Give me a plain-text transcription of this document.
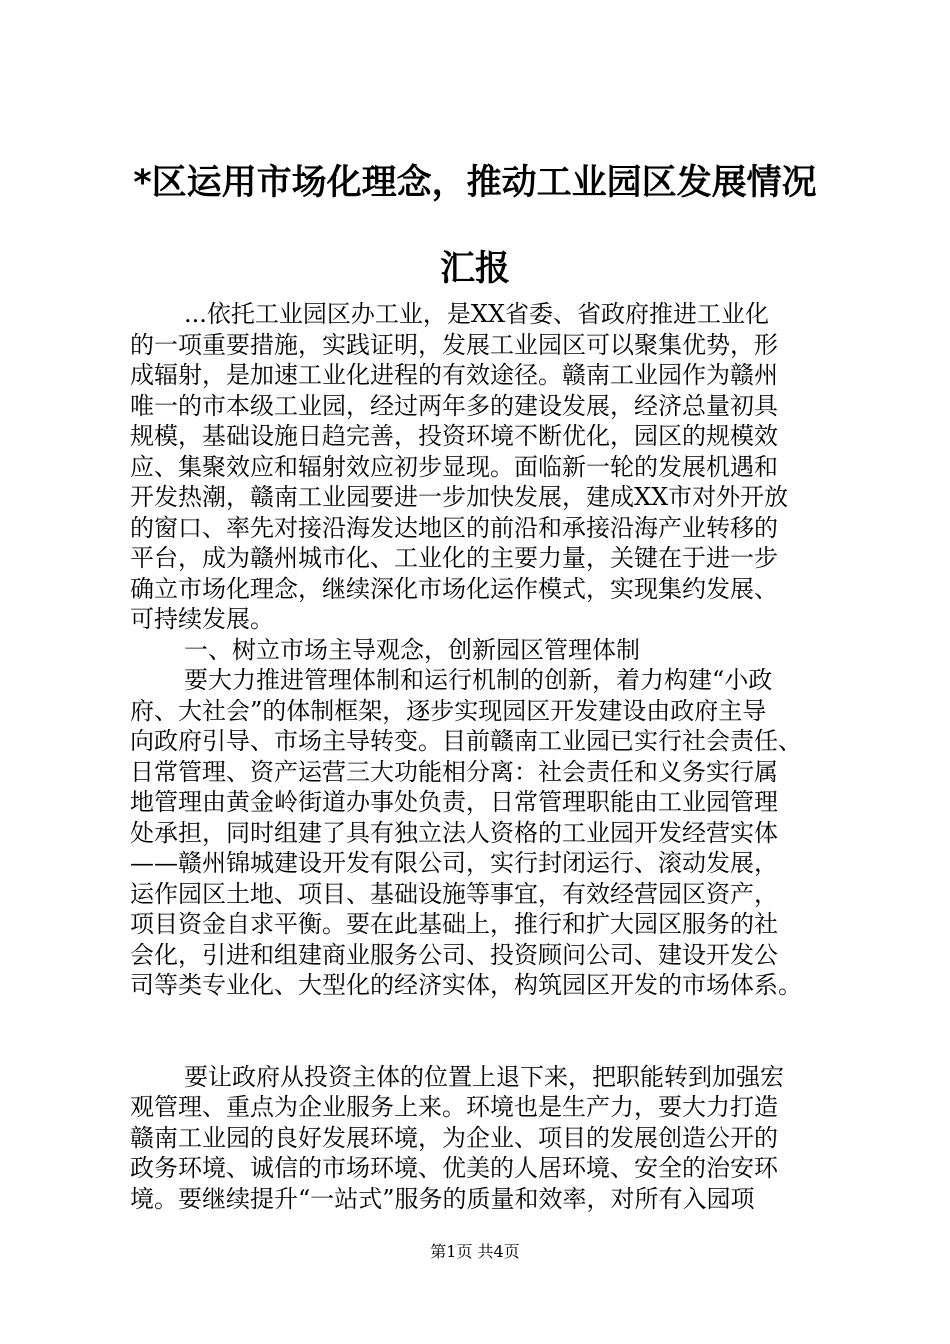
*区运用市场化理念，推动工业园区发展情况
汇报
...依托工业园区办工业，是XX省委、省政府推进工业化
的一项重要措施，实践证明，发展工业园区可以聚集优势，形
成辐射，是加速工业化进程的有效途径。赣南工业园作为赣州
唯一的市本级工业园，经过两年多的建设发展，经济总量初具
规模，基础设施日趋完善，投资环境不断优化，园区的规模效
应、集聚效应和辐射效应初步显现。面临新一轮的发展机遇和
开发热潮，赣南工业园要进一步加快发展，建成XX市对外开放
的窗口、率先对接沿海发达地区的前沿和承接沿海产业转移的
平台，成为赣州城市化、工业化的主要力量，关键在于进一步
确立市场化理念，继续深化市场化运作模式，实现集约发展、
可持续发展。
一、树立市场主导观念，创新园区管理体制
要大力推进管理体制和运行机制的创新，着力构建“小政
府、大社会”的体制框架，逐步实现园区开发建设由政府主导
向政府引导、市场主导转变。目前赣南工业园已实行社会责任、
日常管理、资产运营三大功能相分离：社会责任和义务实行属
地管理由黄金岭街道办事处负责，日常管理职能由工业园管理
处承担，同时组建了具有独立法人资格的工业园开发经营实体
——赣州锦城建设开发有限公司，实行封闭运行、滚动发展，
运作园区土地、项目、基础设施等事宜，有效经营园区资产，
项目资金自求平衡。要在此基础上，推行和扩大园区服务的社
会化，引进和组建商业服务公司、投资顾问公司、建设开发公
司等类专业化、大型化的经济实体，构筑园区开发的市场体系。
要让政府从投资主体的位置上退下来，把职能转到加强宏
观管理、重点为企业服务上来。环境也是生产力，要大力打造
赣南工业园的良好发展环境，为企业、项目的发展创造公开的
政务环境、诚信的市场环境、优美的人居环境、安全的治安环
境。要继续提升“一站式”服务的质量和效率，对所有入园项
第1页 共4页
